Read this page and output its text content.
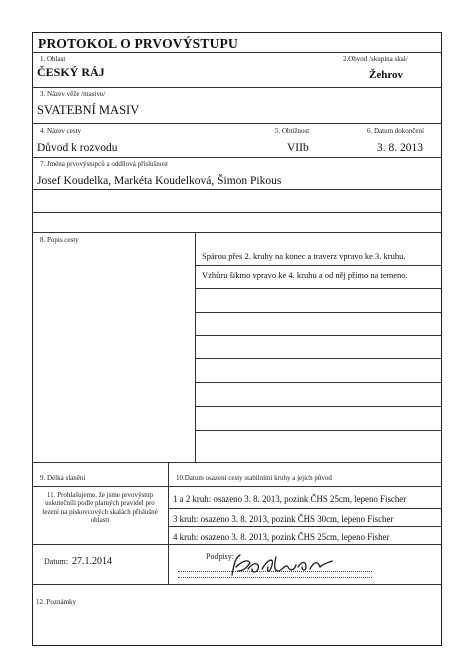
PROTOKOL O PRVOVÝSTUPU
1. Oblast	2.Obvod /skupina skal/
ČESKÝ RÁJ	Žehrov
3. Název věže /masivu/
SVATEBNÍ MASIV
4. Název cesty	5. Obtížnost	6. Datum dokončení
Důvod k rozvodu	VIIb	3. 8. 2013
7. Jména prvovýstupců a oddílová příslušnost
Josef Koudelka, Markéta Koudelková, Šimon Pikous
8. Popis cesty
Spárou přes 2. kruhy na konec a traverz vpravo ke 3. kruhu.
Vzhůru šikmo vpravo ke 4. kruhu a od něj přímo na temeno.
9. Délka slanění	10.Datum osazení cesty stabilními kruhy a jejich původ
---------
11. Prohlašujeme, že jsme prvovýstup uskutečnili podle platných pravidel pro lezení na pískovcových skalách příslušné oblasti
1 a 2 kruh: osazeno 3. 8. 2013, pozink ČHS 25cm, lepeno Fischer
3 kruh: osazeno 3. 8. 2013, pozink ČHS 30cm, lepeno Fischer
4 kruh: osazeno 3. 8. 2013, pozink ČHS 25cm, lepeno Fisher
Datum: 27.1.2014	Podpisy:
12. Poznámky
